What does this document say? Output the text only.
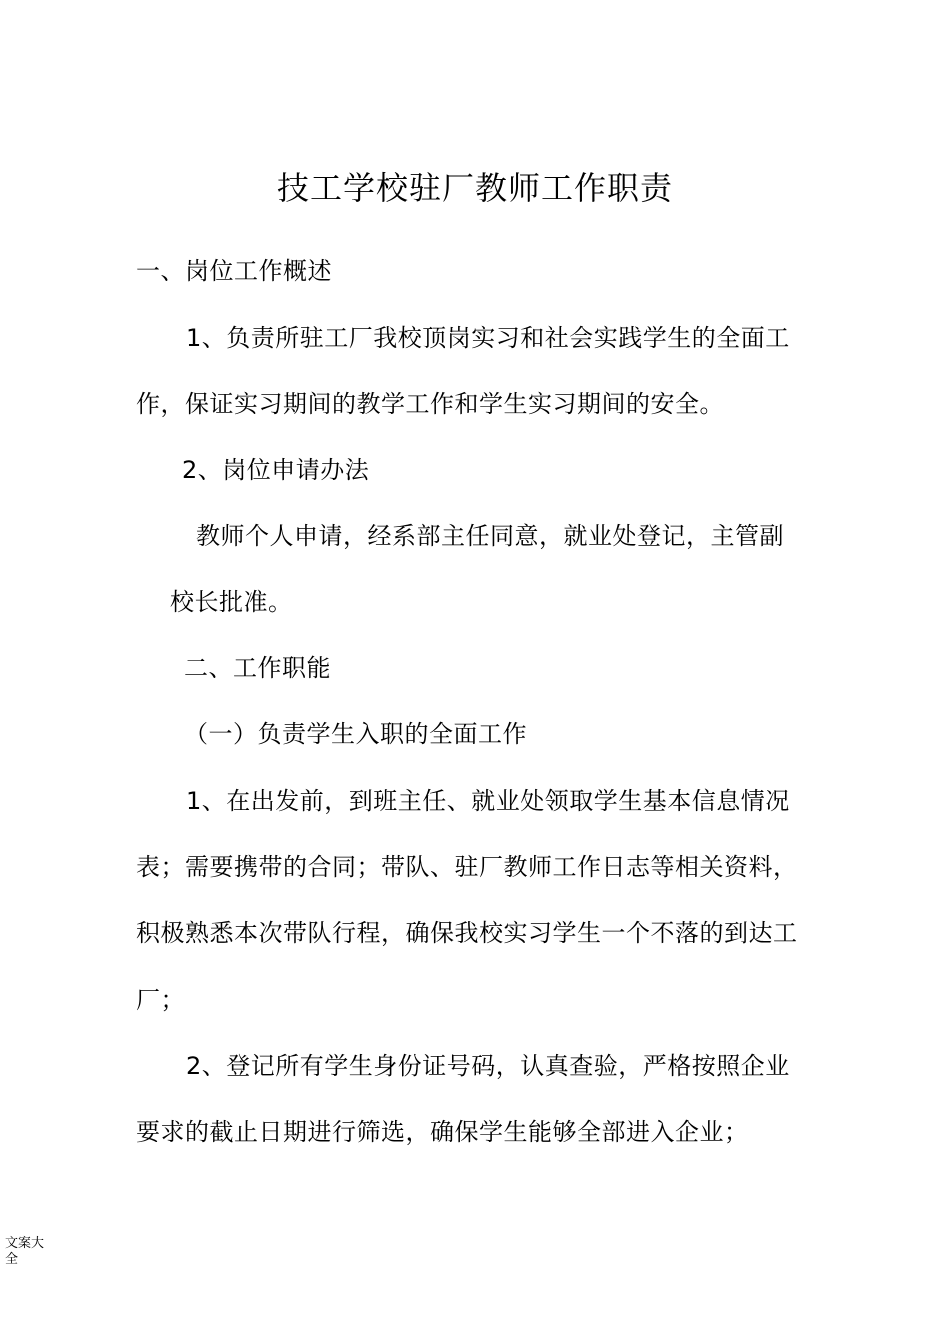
技工学校驻厂教师工作职责
一、岗位工作概述
1、负责所驻工厂我校顶岗实习和社会实践学生的全面工
作，保证实习期间的教学工作和学生实习期间的安全。
2、岗位申请办法
教师个人申请，经系部主任同意，就业处登记，主管副
校长批准。
二、工作职能
（一）负责学生入职的全面工作
1、在出发前，到班主任、就业处领取学生基本信息情况
表；需要携带的合同；带队、驻厂教师工作日志等相关资料，
积极熟悉本次带队行程，确保我校实习学生一个不落的到达工
厂；
2、登记所有学生身份证号码，认真查验，严格按照企业
要求的截止日期进行筛选，确保学生能够全部进入企业；
文案大全
